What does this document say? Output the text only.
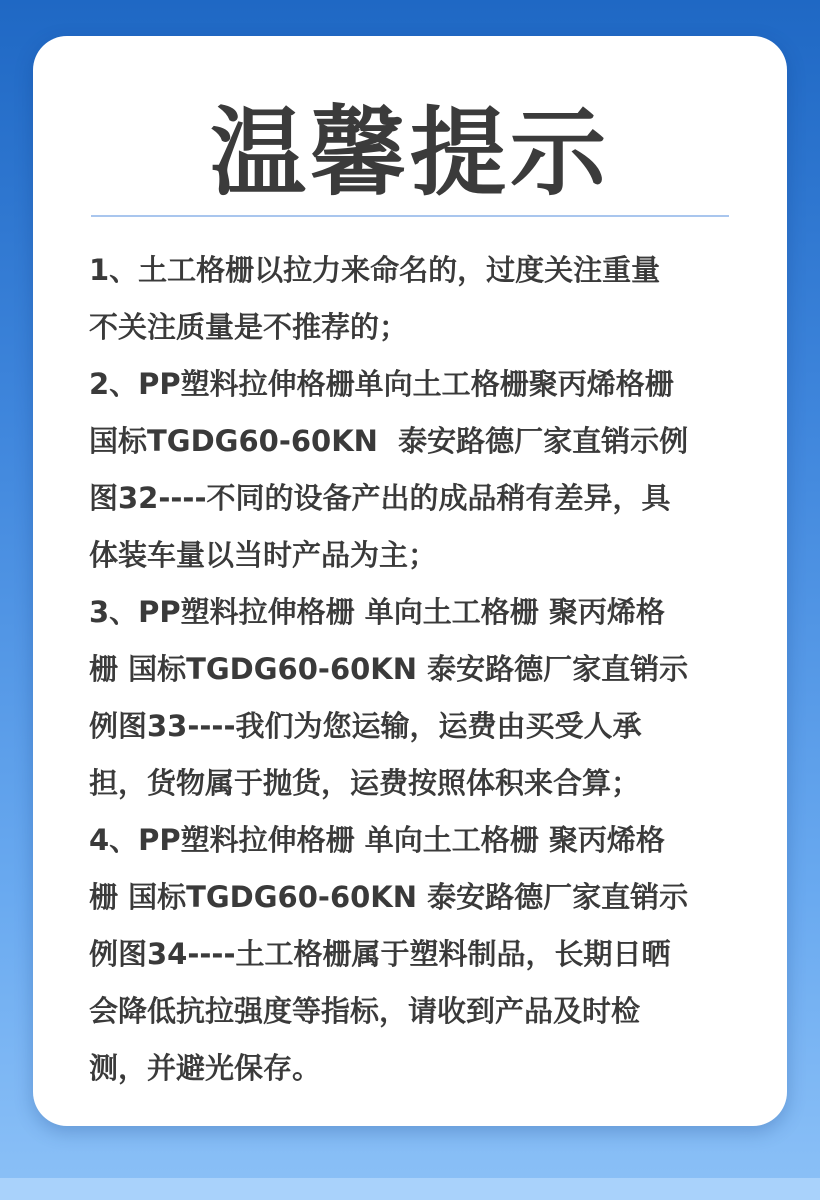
温馨提示
1、土工格栅以拉力来命名的，过度关注重量
不关注质量是不推荐的；
2、PP塑料拉伸格栅单向土工格栅聚丙烯格栅
国标TGDG60-60KN  泰安路德厂家直销示例
图32----不同的设备产出的成品稍有差异，具
体装车量以当时产品为主；
3、PP塑料拉伸格栅 单向土工格栅 聚丙烯格
栅 国标TGDG60-60KN 泰安路德厂家直销示
例图33----我们为您运输，运费由买受人承
担，货物属于抛货，运费按照体积来合算；
4、PP塑料拉伸格栅 单向土工格栅 聚丙烯格
栅 国标TGDG60-60KN 泰安路德厂家直销示
例图34----土工格栅属于塑料制品，长期日晒
会降低抗拉强度等指标，请收到产品及时检
测，并避光保存。
